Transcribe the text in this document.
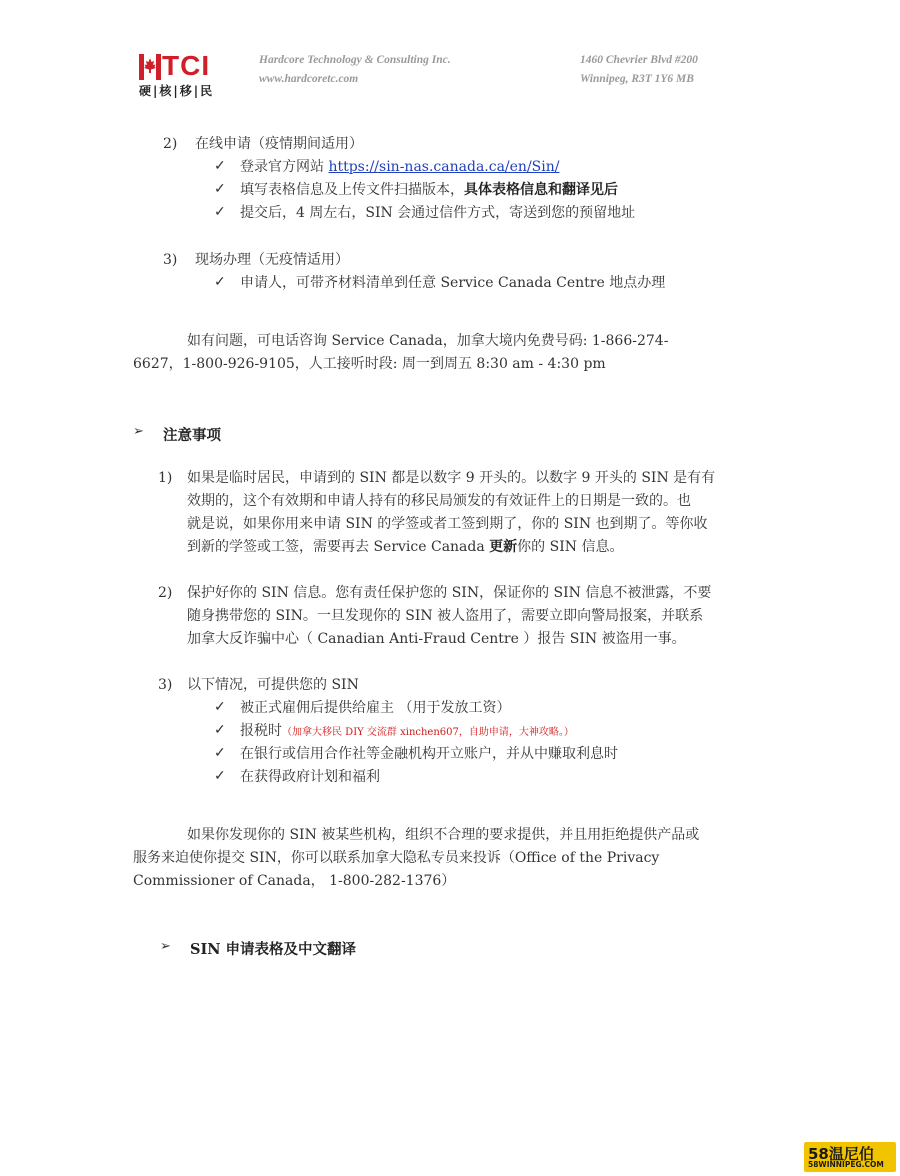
TCI
硬|核|移|民
Hardcore Technology & Consulting Inc.
www.hardcoretc.com
1460 Chevrier Blvd #200
Winnipeg, R3T 1Y6 MB
2) 在线申请（疫情期间适用）
✓ 登录官方网站 https://sin-nas.canada.ca/en/Sin/
✓ 填写表格信息及上传文件扫描版本，具体表格信息和翻译见后
✓ 提交后，4 周左右，SIN 会通过信件方式，寄送到您的预留地址
3) 现场办理（无疫情适用）
✓ 申请人，可带齐材料清单到任意 Service Canada Centre 地点办理
如有问题，可电话咨询 Service Canada，加拿大境内免费号码: 1-866-274-
6627，1-800-926-9105，人工接听时段: 周一到周五 8:30 am - 4:30 pm
➢ 注意事项
1) 如果是临时居民，申请到的 SIN 都是以数字 9 开头的。以数字 9 开头的 SIN 是有有
效期的，这个有效期和申请人持有的移民局颁发的有效证件上的日期是一致的。也
就是说，如果你用来申请 SIN 的学签或者工签到期了，你的 SIN 也到期了。等你收
到新的学签或工签，需要再去 Service Canada 更新你的 SIN 信息。
2) 保护好你的 SIN 信息。您有责任保护您的 SIN，保证你的 SIN 信息不被泄露，不要
随身携带您的 SIN。一旦发现你的 SIN 被人盗用了，需要立即向警局报案，并联系
加拿大反诈骗中心（ Canadian Anti-Fraud Centre ）报告 SIN 被盗用一事。
3) 以下情况，可提供您的 SIN
✓ 被正式雇佣后提供给雇主 （用于发放工资）
✓ 报税时（加拿大移民 DIY 交流群 xinchen607，自助申请，大神攻略。）
✓ 在银行或信用合作社等金融机构开立账户，并从中赚取利息时
✓ 在获得政府计划和福利
如果你发现你的 SIN 被某些机构，组织不合理的要求提供，并且用拒绝提供产品或
服务来迫使你提交 SIN，你可以联系加拿大隐私专员来投诉（Office of the Privacy
Commissioner of Canada， 1-800-282-1376）
➢ SIN 申请表格及中文翻译
58温尼伯
58WINNIPEG.COM
